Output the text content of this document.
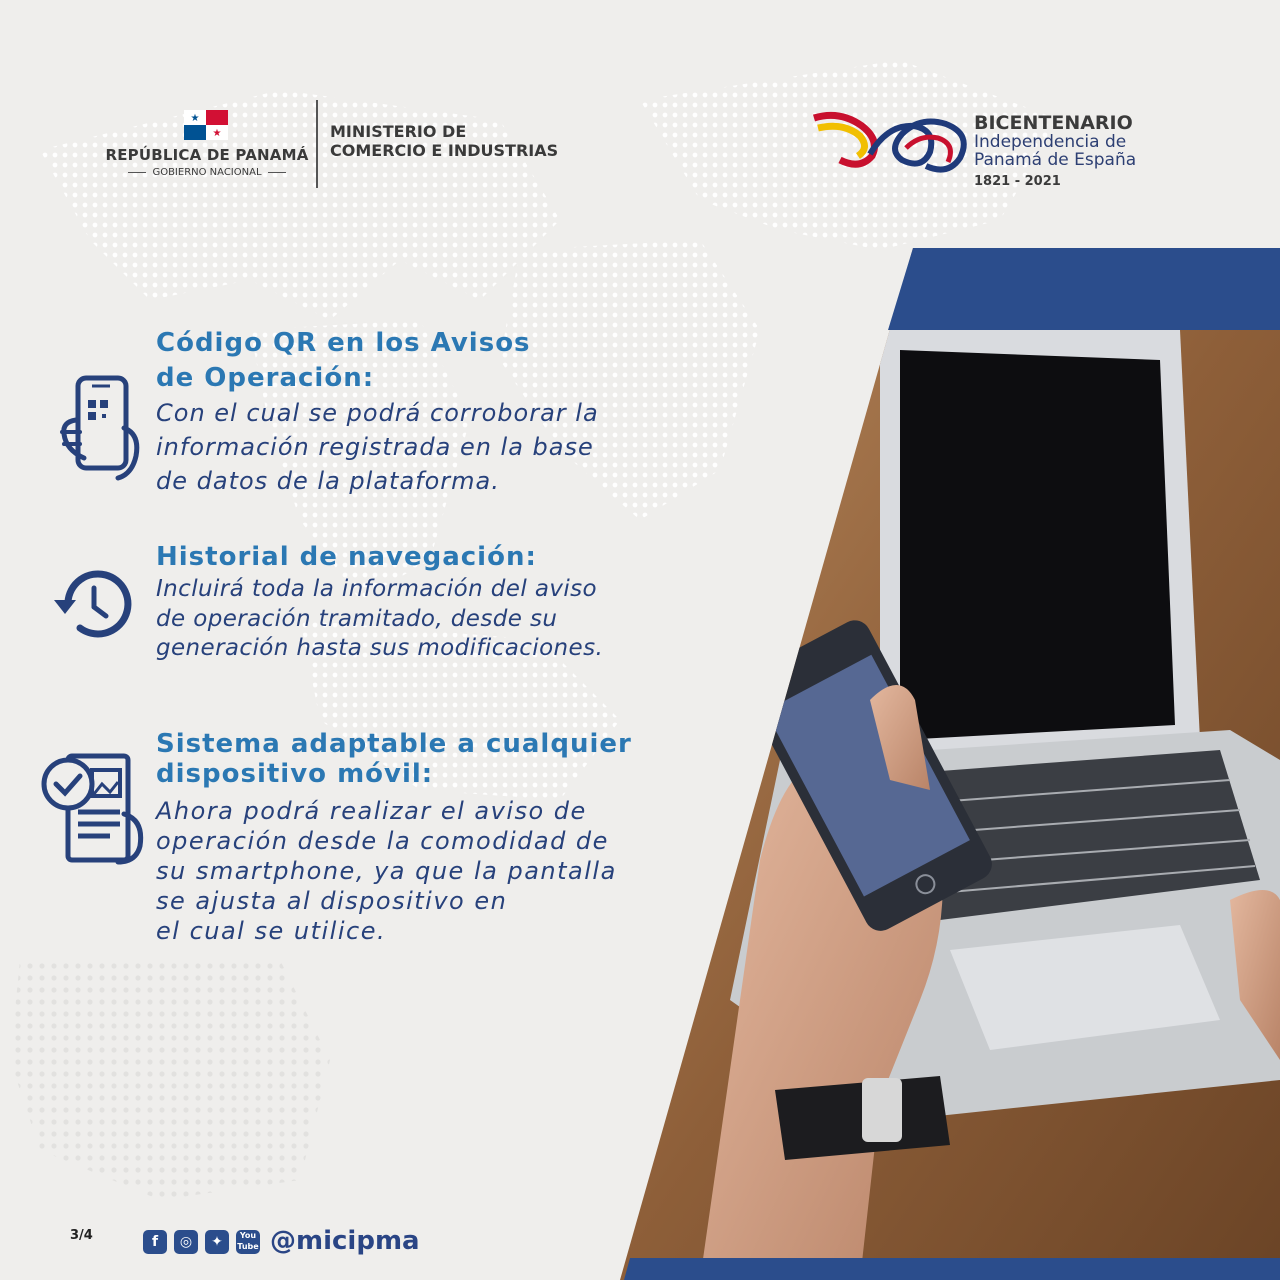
★
★
REPÚBLICA DE PANAMÁ
GOBIERNO NACIONAL
MINISTERIO DE
COMERCIO E INDUSTRIAS
BICENTENARIO
Independencia de
Panamá de España
1821 - 2021
Código QR en los Avisos
de Operación:
Con el cual se podrá corroborar la
información registrada en la base
de datos de la plataforma.
Historial de navegación:
Incluirá toda la información del aviso
de operación tramitado, desde su
generación hasta sus modificaciones.
Sistema adaptable a cualquier
dispositivo móvil:
Ahora podrá realizar el aviso de
operación desde la comodidad de
su smartphone, ya que la pantalla
se ajusta al dispositivo en
el cual se utilice.
3/4	f	◎	✦	You
Tube @micipma
